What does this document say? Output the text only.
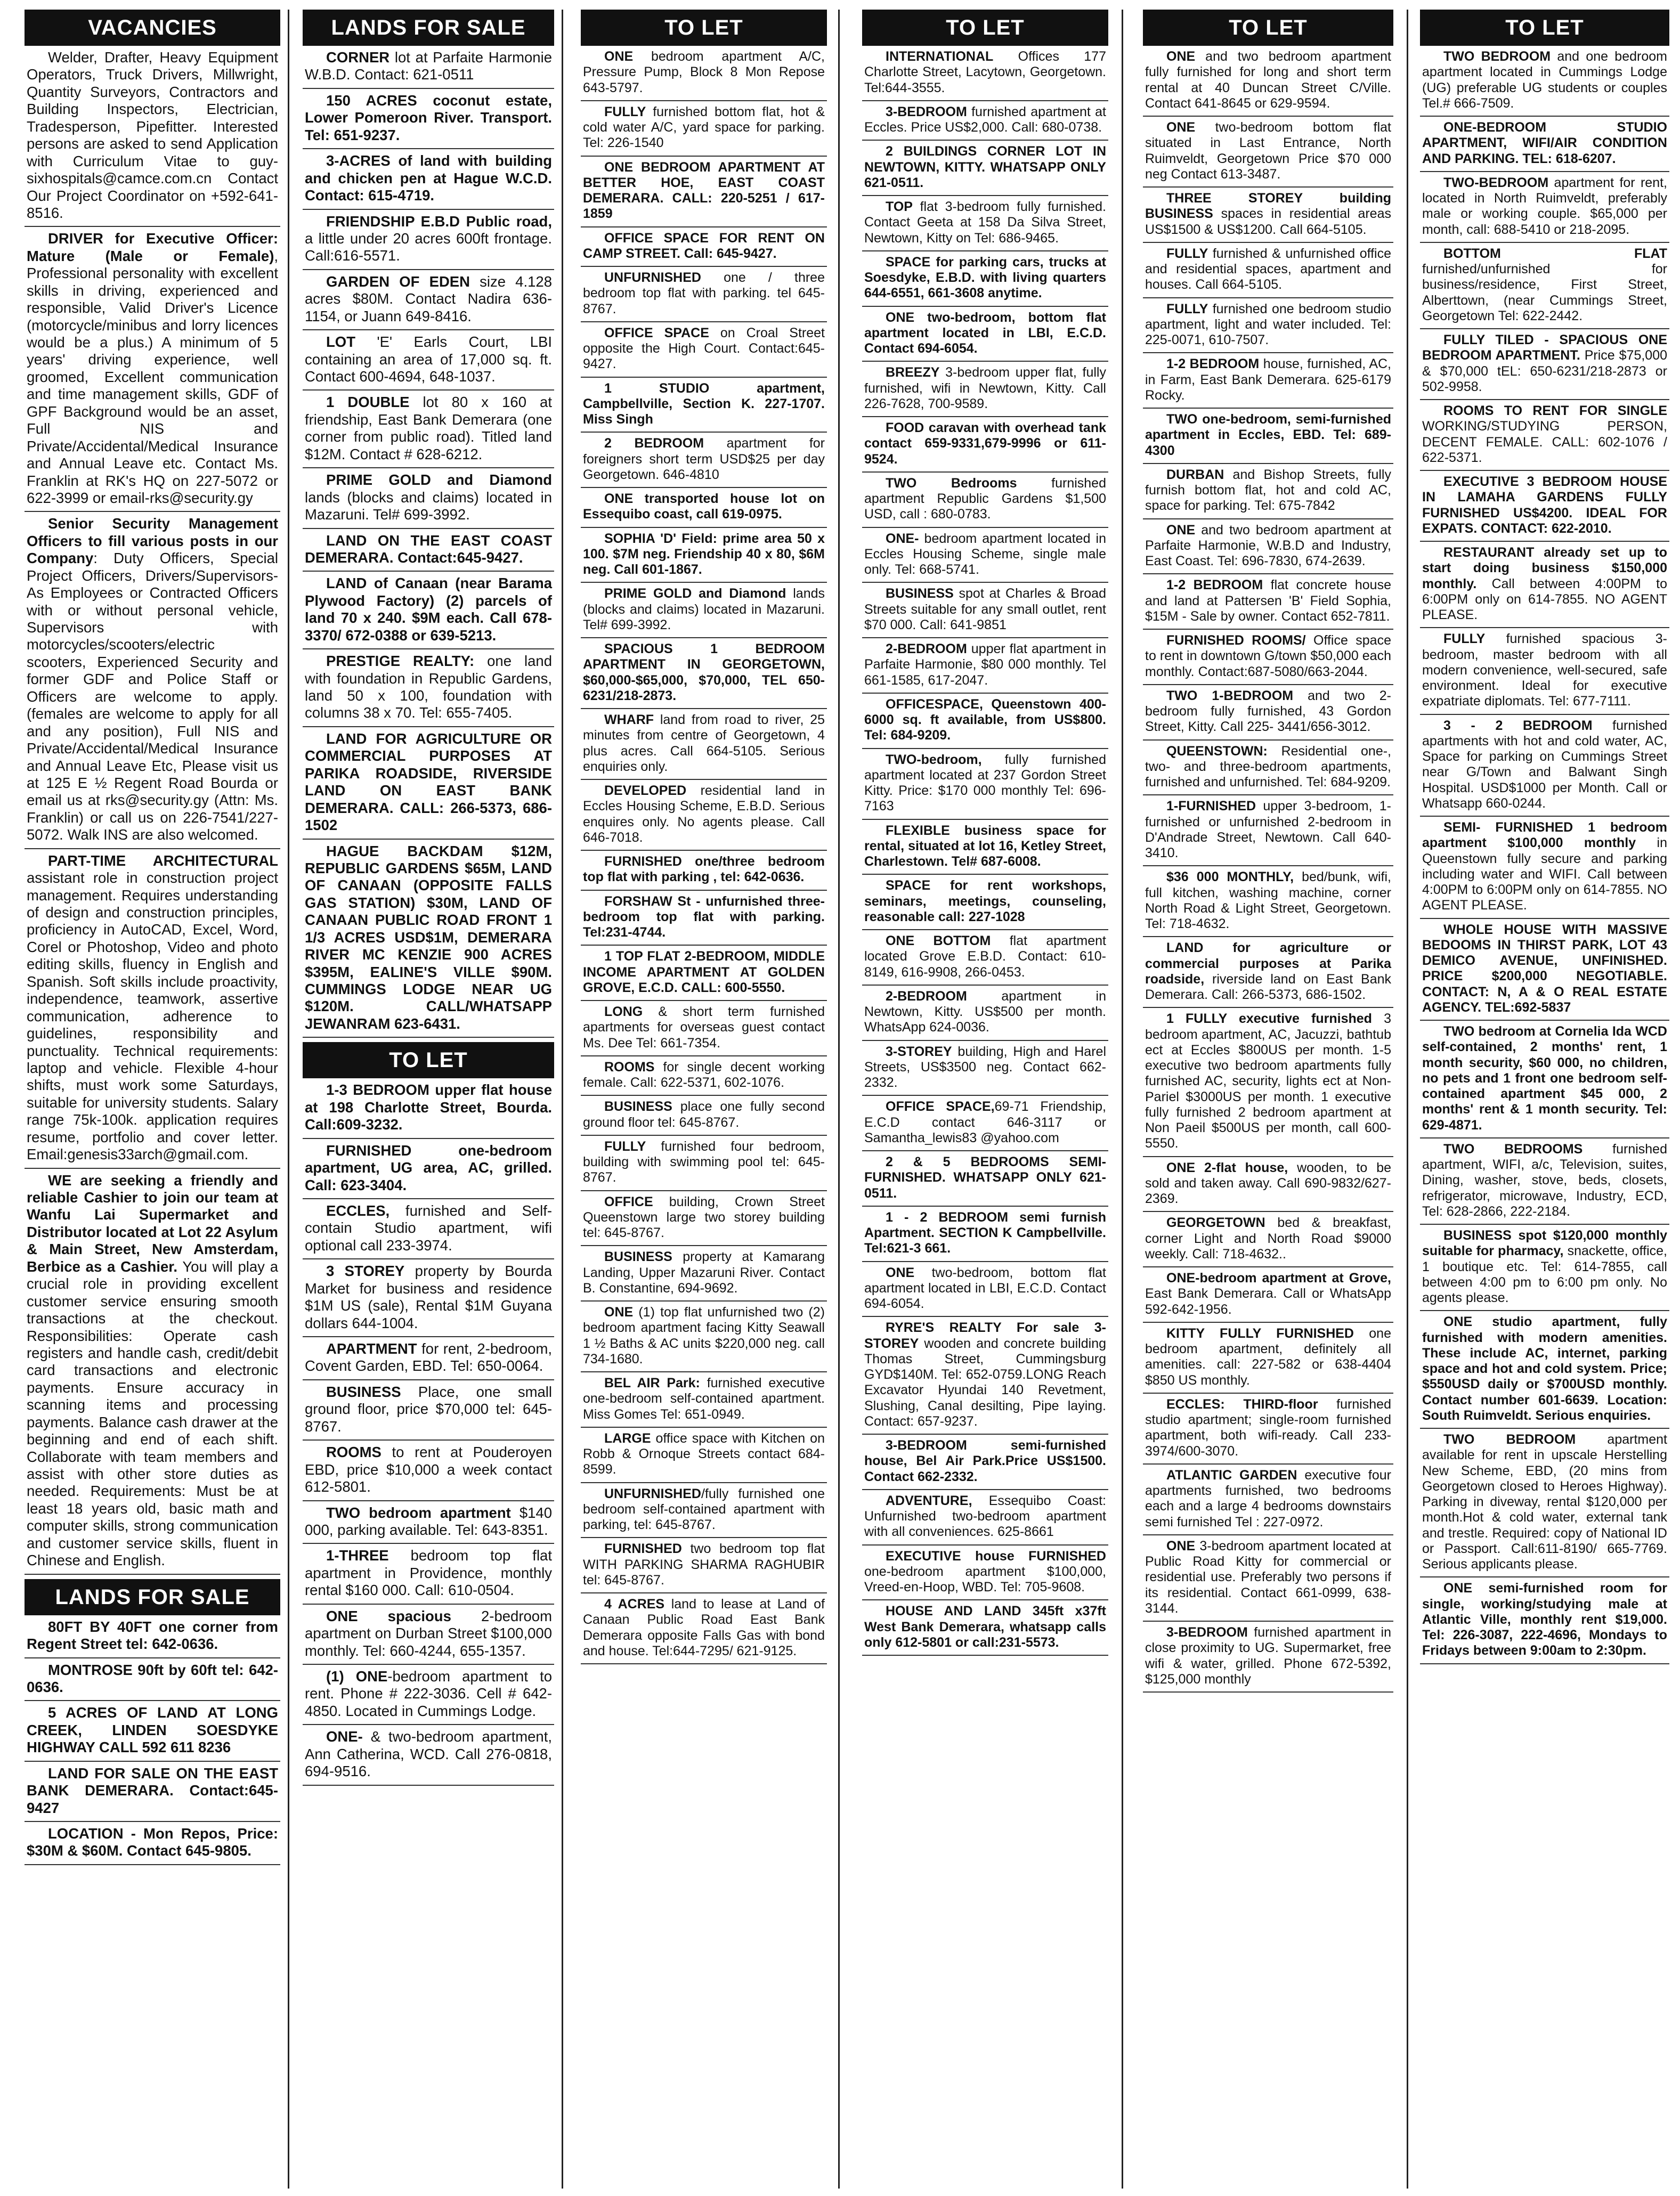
VACANCIES
Welder, Drafter, Heavy Equipment Operators, Truck Drivers, Millwright, Quantity Surveyors, Contractors and Building Inspectors, Electrician, Tradesperson, Pipefitter. Interested persons are asked to send Application with Curriculum Vitae to guy-sixhospitals@camce.com.cn Contact Our Project Coordinator on +592-641-8516.
DRIVER for Executive Officer: Mature (Male or Female), Professional personality with excellent skills in driving, experienced and responsible, Valid Driver's Licence (motorcycle/minibus and lorry licences would be a plus.) A minimum of 5 years' driving experience, well groomed, Excellent communication and time management skills, GDF of GPF Background would be an asset, Full NIS and Private/Accidental/Medical Insurance and Annual Leave etc. Contact Ms. Franklin at RK's HQ on 227-5072 or 622-3999 or email-rks@security.gy
Senior Security Management Officers to fill various posts in our Company: Duty Officers, Special Project Officers, Drivers/Supervisors- As Employees or Contracted Officers with or without personal vehicle, Supervisors with motorcycles/scooters/electric scooters, Experienced Security and former GDF and Police Staff or Officers are welcome to apply. (females are welcome to apply for all and any position), Full NIS and Private/Accidental/Medical Insurance and Annual Leave Etc, Please visit us at 125 E ½ Regent Road Bourda or email us at rks@security.gy (Attn: Ms. Franklin) or call us on 226-7541/227-5072. Walk INS are also welcomed.
PART-TIME ARCHITECTURAL assistant role in construction project management. Requires understanding of design and construction principles, proficiency in AutoCAD, Excel, Word, Corel or Photoshop, Video and photo editing skills, fluency in English and Spanish. Soft skills include proactivity, independence, teamwork, assertive communication, adherence to guidelines, responsibility and punctuality. Technical requirements: laptop and vehicle. Flexible 4-hour shifts, must work some Saturdays, suitable for university students. Salary range 75k-100k. application requires resume, portfolio and cover letter. Email:genesis33arch@gmail.com.
WE are seeking a friendly and reliable Cashier to join our team at Wanfu Lai Supermarket and Distributor located at Lot 22 Asylum & Main Street, New Amsterdam, Berbice as a Cashier. You will play a crucial role in providing excellent customer service ensuring smooth transactions at the checkout. Responsibilities: Operate cash registers and handle cash, credit/debit card transactions and electronic payments. Ensure accuracy in scanning items and processing payments. Balance cash drawer at the beginning and end of each shift. Collaborate with team members and assist with other store duties as needed. Requirements: Must be at least 18 years old, basic math and computer skills, strong communication and customer service skills, fluent in Chinese and English.
LANDS FOR SALE
80FT BY 40FT one corner from Regent Street tel: 642-0636.
MONTROSE 90ft by 60ft tel: 642-0636.
5 ACRES OF LAND AT LONG CREEK, LINDEN SOESDYKE HIGHWAY CALL 592 611 8236
LAND FOR SALE ON THE EAST BANK DEMERARA. Contact:645-9427
LOCATION - Mon Repos, Price: $30M & $60M. Contact 645-9805.
LANDS FOR SALE
CORNER lot at Parfaite Harmonie W.B.D. Contact: 621-0511
150 ACRES coconut estate, Lower Pomeroon River. Transport. Tel: 651-9237.
3-ACRES of land with building and chicken pen at Hague W.C.D. Contact: 615-4719.
FRIENDSHIP E.B.D Public road, a little under 20 acres 600ft frontage. Call:616-5571.
GARDEN OF EDEN size 4.128 acres $80M. Contact Nadira 636-1154, or Juann 649-8416.
LOT 'E' Earls Court, LBI containing an area of 17,000 sq. ft. Contact 600-4694, 648-1037.
1 DOUBLE lot 80 x 160 at friendship, East Bank Demerara (one corner from public road). Titled land $12M. Contact # 628-6212.
PRIME GOLD and Diamond lands (blocks and claims) located in Mazaruni. Tel# 699-3992.
LAND ON THE EAST COAST DEMERARA. Contact:645-9427.
LAND of Canaan (near Barama Plywood Factory) (2) parcels of land 70 x 240. $9M each. Call 678-3370/ 672-0388 or 639-5213.
PRESTIGE REALTY: one land with foundation in Republic Gardens, land 50 x 100, foundation with columns 38 x 70. Tel: 655-7405.
LAND FOR AGRICULTURE OR COMMERCIAL PURPOSES AT PARIKA ROADSIDE, RIVERSIDE LAND ON EAST BANK DEMERARA. CALL: 266-5373, 686-1502
HAGUE BACKDAM $12M, REPUBLIC GARDENS $65M, LAND OF CANAAN (OPPOSITE FALLS GAS STATION) $30M, LAND OF CANAAN PUBLIC ROAD FRONT 1 1/3 ACRES USD$1M, DEMERARA RIVER MC KENZIE 900 ACRES $395M, EALINE'S VILLE $90M. CUMMINGS LODGE NEAR UG $120M. CALL/WHATSAPP JEWANRAM 623-6431.
TO LET
1-3 BEDROOM upper flat house at 198 Charlotte Street, Bourda. Call:609-3232.
FURNISHED one-bedroom apartment, UG area, AC, grilled. Call: 623-3404.
ECCLES, furnished and Self-contain Studio apartment, wifi optional call 233-3974.
3 STOREY property by Bourda Market for business and residence $1M US (sale), Rental $1M Guyana dollars 644-1004.
APARTMENT for rent, 2-bedroom, Covent Garden, EBD. Tel: 650-0064.
BUSINESS Place, one small ground floor, price $70,000 tel: 645-8767.
ROOMS to rent at Pouderoyen EBD, price $10,000 a week contact 612-5801.
TWO bedroom apartment $140 000, parking available. Tel: 643-8351.
1-THREE bedroom top flat apartment in Providence, monthly rental $160 000. Call: 610-0504.
ONE spacious 2-bedroom apartment on Durban Street $100,000 monthly. Tel: 660-4244, 655-1357.
(1) ONE-bedroom apartment to rent. Phone # 222-3036. Cell # 642-4850. Located in Cummings Lodge.
ONE- & two-bedroom apartment, Ann Catherina, WCD. Call 276-0818, 694-9516.
TO LET
ONE bedroom apartment A/C, Pressure Pump, Block 8 Mon Repose 643-5797.
FULLY furnished bottom flat, hot & cold water A/C, yard space for parking. Tel: 226-1540
ONE BEDROOM APARTMENT AT BETTER HOE, EAST COAST DEMERARA. CALL: 220-5251 / 617-1859
OFFICE SPACE FOR RENT ON CAMP STREET. Call: 645-9427.
UNFURNISHED one / three bedroom top flat with parking. tel 645-8767.
OFFICE SPACE on Croal Street opposite the High Court. Contact:645-9427.
1 STUDIO apartment, Campbellville, Section K. 227-1707. Miss Singh
2 BEDROOM apartment for foreigners short term USD$25 per day Georgetown. 646-4810
ONE transported house lot on Essequibo coast, call 619-0975.
SOPHIA 'D' Field: prime area 50 x 100. $7M neg. Friendship 40 x 80, $6M neg. Call 601-1867.
PRIME GOLD and Diamond lands (blocks and claims) located in Mazaruni. Tel# 699-3992.
SPACIOUS 1 BEDROOM APARTMENT IN GEORGETOWN, $60,000-$65,000, $70,000, TEL 650-6231/218-2873.
WHARF land from road to river, 25 minutes from centre of Georgetown, 4 plus acres. Call 664-5105. Serious enquiries only.
DEVELOPED residential land in Eccles Housing Scheme, E.B.D. Serious enquires only. No agents please. Call 646-7018.
FURNISHED one/three bedroom top flat with parking , tel: 642-0636.
FORSHAW St - unfurnished three-bedroom top flat with parking. Tel:231-4744.
1 TOP FLAT 2-BEDROOM, MIDDLE INCOME APARTMENT AT GOLDEN GROVE, E.C.D. CALL: 600-5550.
LONG & short term furnished apartments for overseas guest contact Ms. Dee Tel: 661-7354.
ROOMS for single decent working female. Call: 622-5371, 602-1076.
BUSINESS place one fully second ground floor tel: 645-8767.
FULLY furnished four bedroom, building with swimming pool tel: 645-8767.
OFFICE building, Crown Street Queenstown large two storey building tel: 645-8767.
BUSINESS property at Kamarang Landing, Upper Mazaruni River. Contact B. Constantine, 694-9692.
ONE (1) top flat unfurnished two (2) bedroom apartment facing Kitty Seawall 1 ½ Baths & AC units $220,000 neg. call 734-1680.
BEL AIR Park: furnished executive one-bedroom self-contained apartment. Miss Gomes Tel: 651-0949.
LARGE office space with Kitchen on Robb & Ornoque Streets contact 684-8599.
UNFURNISHED/fully furnished one bedroom self-contained apartment with parking, tel: 645-8767.
FURNISHED two bedroom top flat WITH PARKING SHARMA RAGHUBIR tel: 645-8767.
4 ACRES land to lease at Land of Canaan Public Road East Bank Demerara opposite Falls Gas with bond and house. Tel:644-7295/ 621-9125.
TO LET
INTERNATIONAL Offices 177 Charlotte Street, Lacytown, Georgetown. Tel:644-3555.
3-BEDROOM furnished apartment at Eccles. Price US$2,000. Call: 680-0738.
2 BUILDINGS CORNER LOT IN NEWTOWN, KITTY. WHATSAPP ONLY 621-0511.
TOP flat 3-bedroom fully furnished. Contact Geeta at 158 Da Silva Street, Newtown, Kitty on Tel: 686-9465.
SPACE for parking cars, trucks at Soesdyke, E.B.D. with living quarters 644-6551, 661-3608 anytime.
ONE two-bedroom, bottom flat apartment located in LBI, E.C.D. Contact 694-6054.
BREEZY 3-bedroom upper flat, fully furnished, wifi in Newtown, Kitty. Call 226-7628, 700-9589.
FOOD caravan with overhead tank contact 659-9331,679-9996 or 611-9524.
TWO Bedrooms furnished apartment Republic Gardens $1,500 USD, call : 680-0783.
ONE- bedroom apartment located in Eccles Housing Scheme, single male only. Tel: 668-5741.
BUSINESS spot at Charles & Broad Streets suitable for any small outlet, rent $70 000. Call: 641-9851
2-BEDROOM upper flat apartment in Parfaite Harmonie, $80 000 monthly. Tel 661-1585, 617-2047.
OFFICESPACE, Queenstown 400-6000 sq. ft available, from US$800. Tel: 684-9209.
TWO-bedroom, fully furnished apartment located at 237 Gordon Street Kitty. Price: $170 000 monthly Tel: 696-7163
FLEXIBLE business space for rental, situated at lot 16, Ketley Street, Charlestown. Tel# 687-6008.
SPACE for rent workshops, seminars, meetings, counseling, reasonable call: 227-1028
ONE BOTTOM flat apartment located Grove E.B.D. Contact: 610-8149, 616-9908, 266-0453.
2-BEDROOM apartment in Newtown, Kitty. US$500 per month. WhatsApp 624-0036.
3-STOREY building, High and Harel Streets, US$3500 neg. Contact 662-2332.
OFFICE SPACE,69-71 Friendship, E.C.D contact 646-3117 or Samantha_lewis83 @yahoo.com
2 & 5 BEDROOMS SEMI-FURNISHED. WHATSAPP ONLY 621-0511.
1 - 2 BEDROOM semi furnish Apartment. SECTION K Campbellville. Tel:621-3 661.
ONE two-bedroom, bottom flat apartment located in LBI, E.C.D. Contact 694-6054.
RYRE'S REALTY For sale 3-STOREY wooden and concrete building Thomas Street, Cummingsburg GYD$140M. Tel: 652-0759.LONG Reach Excavator Hyundai 140 Revetment, Slushing, Canal desilting, Pipe laying. Contact: 657-9237.
3-BEDROOM semi-furnished house, Bel Air Park.Price US$1500. Contact 662-2332.
ADVENTURE, Essequibo Coast: Unfurnished two-bedroom apartment with all conveniences. 625-8661
EXECUTIVE house FURNISHED one-bedroom apartment $100,000, Vreed-en-Hoop, WBD. Tel: 705-9608.
HOUSE AND LAND 345ft x37ft West Bank Demerara, whatsapp calls only 612-5801 or call:231-5573.
TO LET
ONE and two bedroom apartment fully furnished for long and short term rental at 40 Duncan Street C/Ville. Contact 641-8645 or 629-9594.
ONE two-bedroom bottom flat situated in Last Entrance, North Ruimveldt, Georgetown Price $70 000 neg Contact 613-3487.
THREE STOREY building BUSINESS spaces in residential areas US$1500 & US$1200. Call 664-5105.
FULLY furnished & unfurnished office and residential spaces, apartment and houses. Call 664-5105.
FULLY furnished one bedroom studio apartment, light and water included. Tel: 225-0071, 610-7507.
1-2 BEDROOM house, furnished, AC, in Farm, East Bank Demerara. 625-6179 Rocky.
TWO one-bedroom, semi-furnished apartment in Eccles, EBD. Tel: 689-4300
DURBAN and Bishop Streets, fully furnish bottom flat, hot and cold AC, space for parking. Tel: 675-7842
ONE and two bedroom apartment at Parfaite Harmonie, W.B.D and Industry, East Coast. Tel: 696-7830, 674-2639.
1-2 BEDROOM flat concrete house and land at Pattersen 'B' Field Sophia, $15M - Sale by owner. Contact 652-7811.
FURNISHED ROOMS/ Office space to rent in downtown G/town $50,000 each monthly. Contact:687-5080/663-2044.
TWO 1-BEDROOM and two 2-bedroom fully furnished, 43 Gordon Street, Kitty. Call 225- 3441/656-3012.
QUEENSTOWN: Residential one-, two- and three-bedroom apartments, furnished and unfurnished. Tel: 684-9209.
1-FURNISHED upper 3-bedroom, 1-furnished or unfurnished 2-bedroom in D'Andrade Street, Newtown. Call 640-3410.
$36 000 MONTHLY, bed/bunk, wifi, full kitchen, washing machine, corner North Road & Light Street, Georgetown. Tel: 718-4632.
LAND for agriculture or commercial purposes at Parika roadside, riverside land on East Bank Demerara. Call: 266-5373, 686-1502.
1 FULLY executive furnished 3 bedroom apartment, AC, Jacuzzi, bathtub ect at Eccles $800US per month. 1-5 executive two bedroom apartments fully furnished AC, security, lights ect at Non-Pariel $3000US per month. 1 executive fully furnished 2 bedroom apartment at Non Paeil $500US per month, call 600-5550.
ONE 2-flat house, wooden, to be sold and taken away. Call 690-9832/627-2369.
GEORGETOWN bed & breakfast, corner Light and North Road $9000 weekly. Call: 718-4632..
ONE-bedroom apartment at Grove, East Bank Demerara. Call or WhatsApp 592-642-1956.
KITTY FULLY FURNISHED one bedroom apartment, definitely all amenities. call: 227-582 or 638-4404 $850 US monthly.
ECCLES: THIRD-floor furnished studio apartment; single-room furnished apartment, both wifi-ready. Call 233-3974/600-3070.
ATLANTIC GARDEN executive four apartments furnished, two bedrooms each and a large 4 bedrooms downstairs semi furnished Tel : 227-0972.
ONE 3-bedroom apartment located at Public Road Kitty for commercial or residential use. Preferably two persons if its residential. Contact 661-0999, 638-3144.
3-BEDROOM furnished apartment in close proximity to UG. Supermarket, free wifi & water, grilled. Phone 672-5392, $125,000 monthly
TO LET
TWO BEDROOM and one bedroom apartment located in Cummings Lodge (UG) preferable UG students or couples Tel.# 666-7509.
ONE-BEDROOM STUDIO APARTMENT, WIFI/AIR CONDITION AND PARKING. TEL: 618-6207.
TWO-BEDROOM apartment for rent, located in North Ruimveldt, preferably male or working couple. $65,000 per month, call: 688-5410 or 218-2095.
BOTTOM FLAT furnished/unfurnished for business/residence, First Street, Alberttown, (near Cummings Street, Georgetown Tel: 622-2442.
FULLY TILED - SPACIOUS ONE BEDROOM APARTMENT. Price $75,000 & $70,000 tEL: 650-6231/218-2873 or 502-9958.
ROOMS TO RENT FOR SINGLE WORKING/STUDYING PERSON, DECENT FEMALE. CALL: 602-1076 / 622-5371.
EXECUTIVE 3 BEDROOM HOUSE IN LAMAHA GARDENS FULLY FURNISHED US$4200. IDEAL FOR EXPATS. CONTACT: 622-2010.
RESTAURANT already set up to start doing business $150,000 monthly. Call between 4:00PM to 6:00PM only on 614-7855. NO AGENT PLEASE.
FULLY furnished spacious 3-bedroom, master bedroom with all modern convenience, well-secured, safe environment. Ideal for executive expatriate diplomats. Tel: 677-7111.
3 - 2 BEDROOM furnished apartments with hot and cold water, AC, Space for parking on Cummings Street near G/Town and Balwant Singh Hospital. USD$1000 per Month. Call or Whatsapp 660-0244.
SEMI- FURNISHED 1 bedroom apartment $100,000 monthly in Queenstown fully secure and parking including water and WIFI. Call between 4:00PM to 6:00PM only on 614-7855. NO AGENT PLEASE.
WHOLE HOUSE WITH MASSIVE BEDOOMS IN THIRST PARK, LOT 43 DEMICO AVENUE, UNFINISHED. PRICE $200,000 NEGOTIABLE. CONTACT: N, A & O REAL ESTATE AGENCY. TEL:692-5837
TWO bedroom at Cornelia Ida WCD self-contained, 2 months' rent, 1 month security, $60 000, no children, no pets and 1 front one bedroom self-contained apartment $45 000, 2 months' rent & 1 month security. Tel: 629-4871.
TWO BEDROOMS furnished apartment, WIFI, a/c, Television, suites, Dining, washer, stove, beds, closets, refrigerator, microwave, Industry, ECD, Tel: 628-2866, 222-2184.
BUSINESS spot $120,000 monthly suitable for pharmacy, snackette, office, 1 boutique etc. Tel: 614-7855, call between 4:00 pm to 6:00 pm only. No agents please.
ONE studio apartment, fully furnished with modern amenities. These include AC, internet, parking space and hot and cold system. Price; $550USD daily or $700USD monthly. Contact number 601-6639. Location: South Ruimveldt. Serious enquiries.
TWO BEDROOM apartment available for rent in upscale Herstelling New Scheme, EBD, (20 mins from Georgetown closed to Heroes Highway). Parking in diveway, rental $120,000 per month.Hot & cold water, external tank and trestle. Required: copy of National ID or Passport. Call:611-8190/ 665-7769. Serious applicants please.
ONE semi-furnished room for single, working/studying male at Atlantic Ville, monthly rent $19,000. Tel: 226-3087, 222-4696, Mondays to Fridays between 9:00am to 2:30pm.
